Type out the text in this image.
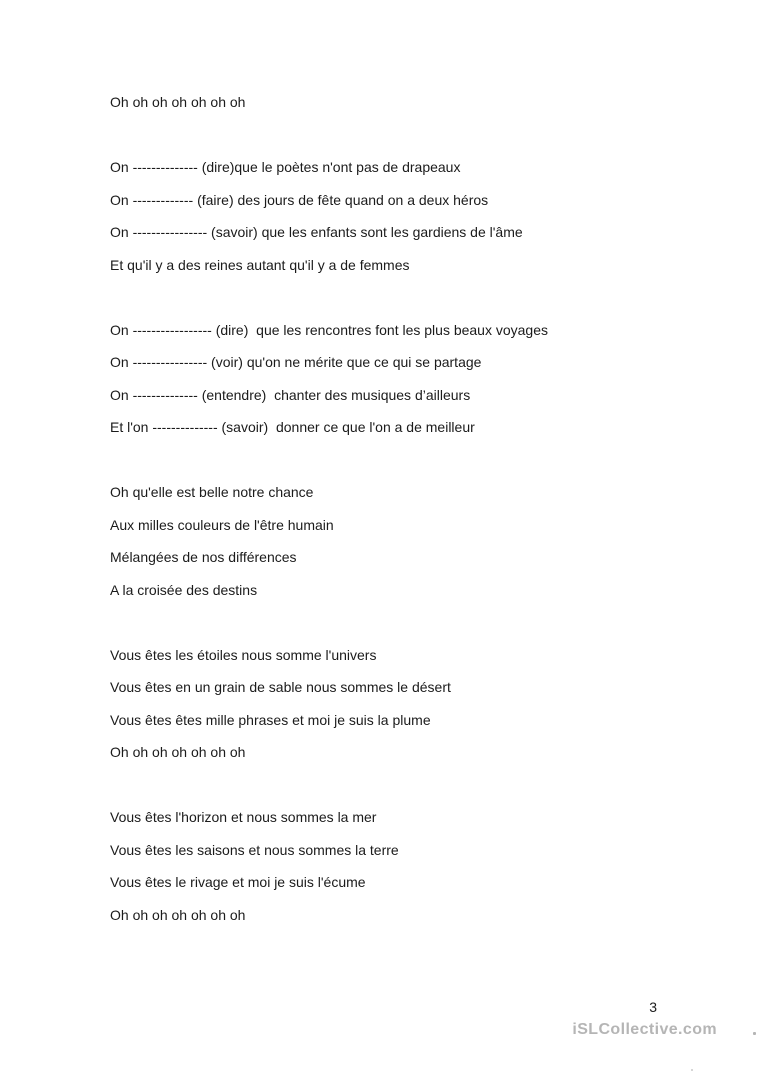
Oh oh oh oh oh oh oh

On -------------- (dire)que le poètes n'ont pas de drapeaux

On ------------- (faire) des jours de fête quand on a deux héros

On ---------------- (savoir) que les enfants sont les gardiens de l'âme

Et qu'il y a des reines autant qu'il y a de femmes

On ----------------- (dire)  que les rencontres font les plus beaux voyages

On ---------------- (voir) qu'on ne mérite que ce qui se partage

On -------------- (entendre)  chanter des musiques d’ailleurs

Et l'on -------------- (savoir)  donner ce que l'on a de meilleur

Oh qu'elle est belle notre chance

Aux milles couleurs de l'être humain

Mélangées de nos différences

A la croisée des destins

Vous êtes les étoiles nous somme l'univers

Vous êtes en un grain de sable nous sommes le désert

Vous êtes êtes mille phrases et moi je suis la plume

Oh oh oh oh oh oh oh

Vous êtes l'horizon et nous sommes la mer

Vous êtes les saisons et nous sommes la terre

Vous êtes le rivage et moi je suis l'écume

Oh oh oh oh oh oh oh

3
iSLCollective.com
